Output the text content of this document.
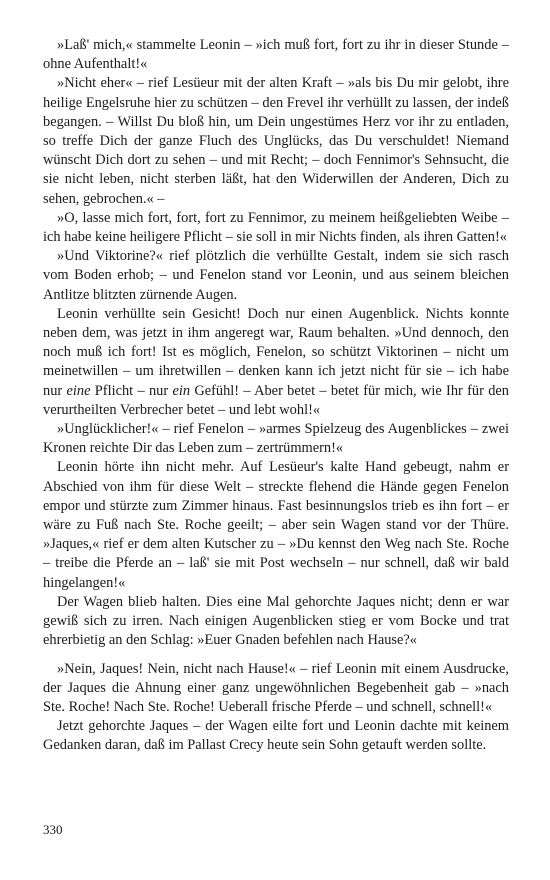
»Laß' mich,« stammelte Leonin – »ich muß fort, fort zu ihr in dieser Stunde – ohne Aufenthalt!«

»Nicht eher« – rief Lesüeur mit der alten Kraft – »als bis Du mir gelobt, ihre heilige Engelsruhe hier zu schützen – den Frevel ihr verhüllt zu lassen, der indeß begangen. – Willst Du bloß hin, um Dein ungestümes Herz vor ihr zu entladen, so treffe Dich der ganze Fluch des Unglücks, das Du verschuldet! Niemand wünscht Dich dort zu sehen – und mit Recht; – doch Fennimor's Sehnsucht, die sie nicht leben, nicht sterben läßt, hat den Widerwillen der Anderen, Dich zu sehen, gebrochen.« –

»O, lasse mich fort, fort, fort zu Fennimor, zu meinem heißgeliebten Weibe – ich habe keine heiligere Pflicht – sie soll in mir Nichts finden, als ihren Gatten!«

»Und Viktorine?« rief plötzlich die verhüllte Gestalt, indem sie sich rasch vom Boden erhob; – und Fenelon stand vor Leonin, und aus seinem bleichen Antlitze blitzten zürnende Augen.

Leonin verhüllte sein Gesicht! Doch nur einen Augenblick. Nichts konnte neben dem, was jetzt in ihm angeregt war, Raum behalten. »Und dennoch, den noch muß ich fort! Ist es möglich, Fenelon, so schützt Viktorinen – nicht um meinetwillen – um ihretwillen – denken kann ich jetzt nicht für sie – ich habe nur eine Pflicht – nur ein Gefühl! – Aber betet – betet für mich, wie Ihr für den verurtheilten Verbrecher betet – und lebt wohl!«

»Unglücklicher!« – rief Fenelon – »armes Spielzeug des Augenblickes – zwei Kronen reichte Dir das Leben zum – zertrümmern!«

Leonin hörte ihn nicht mehr. Auf Lesüeur's kalte Hand gebeugt, nahm er Abschied von ihm für diese Welt – streckte flehend die Hände gegen Fenelon empor und stürzte zum Zimmer hinaus. Fast besinnungslos trieb es ihn fort – er wäre zu Fuß nach Ste. Roche geeilt; – aber sein Wagen stand vor der Thüre. »Jaques,« rief er dem alten Kutscher zu – »Du kennst den Weg nach Ste. Roche – treibe die Pferde an – laß' sie mit Post wechseln – nur schnell, daß wir bald hingelangen!«

Der Wagen blieb halten. Dies eine Mal gehorchte Jaques nicht; denn er war gewiß sich zu irren. Nach einigen Augenblicken stieg er vom Bocke und trat ehrerbietig an den Schlag: »Euer Gnaden befehlen nach Hause?«

»Nein, Jaques! Nein, nicht nach Hause!« – rief Leonin mit einem Ausdrucke, der Jaques die Ahnung einer ganz ungewöhnlichen Begebenheit gab – »nach Ste. Roche! Nach Ste. Roche! Ueberall frische Pferde – und schnell, schnell!«

Jetzt gehorchte Jaques – der Wagen eilte fort und Leonin dachte mit keinem Gedanken daran, daß im Pallast Crecy heute sein Sohn getauft werden sollte.

330
